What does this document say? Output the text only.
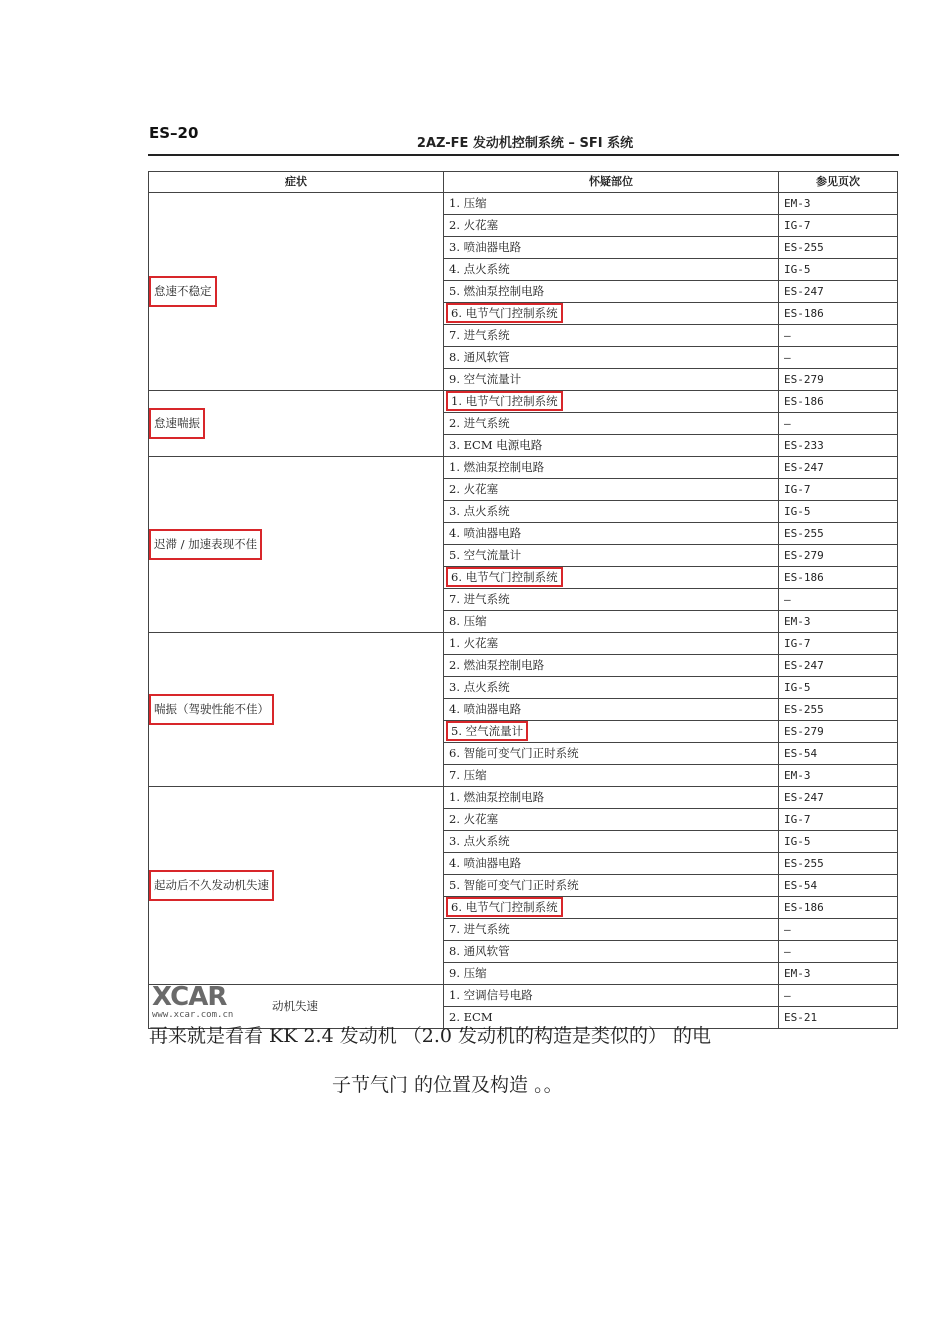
ES–20
2AZ-FE 发动机控制系统 – SFI 系统
症状	怀疑部位	参见页次
怠速不稳定	1. 压缩	EM-3
	2. 火花塞	IG-7
	3. 喷油器电路	ES-255
	4. 点火系统	IG-5
	5. 燃油泵控制电路	ES-247
	6. 电节气门控制系统	ES-186
	7. 进气系统	–
	8. 通风软管	–
	9. 空气流量计	ES-279
怠速喘振	1. 电节气门控制系统	ES-186
	2. 进气系统	–
	3. ECM 电源电路	ES-233
迟滞 / 加速表现不佳	1. 燃油泵控制电路	ES-247
	2. 火花塞	IG-7
	3. 点火系统	IG-5
	4. 喷油器电路	ES-255
	5. 空气流量计	ES-279
	6. 电节气门控制系统	ES-186
	7. 进气系统	–
	8. 压缩	EM-3
喘振（驾驶性能不佳）	1. 火花塞	IG-7
	2. 燃油泵控制电路	ES-247
	3. 点火系统	IG-5
	4. 喷油器电路	ES-255
	5. 空气流量计	ES-279
	6. 智能可变气门正时系统	ES-54
	7. 压缩	EM-3
起动后不久发动机失速	1. 燃油泵控制电路	ES-247
	2. 火花塞	IG-7
	3. 点火系统	IG-5
	4. 喷油器电路	ES-255
	5. 智能可变气门正时系统	ES-54
	6. 电节气门控制系统	ES-186
	7. 进气系统	–
	8. 通风软管	–
	9. 压缩	EM-3
动机失速	1. 空调信号电路	–
	2. ECM	ES-21
XCAR
www.xcar.com.cn
再来就是看看 KK 2.4 发动机 （2.0 发动机的构造是类似的） 的电
子节气门 的位置及构造 。。
